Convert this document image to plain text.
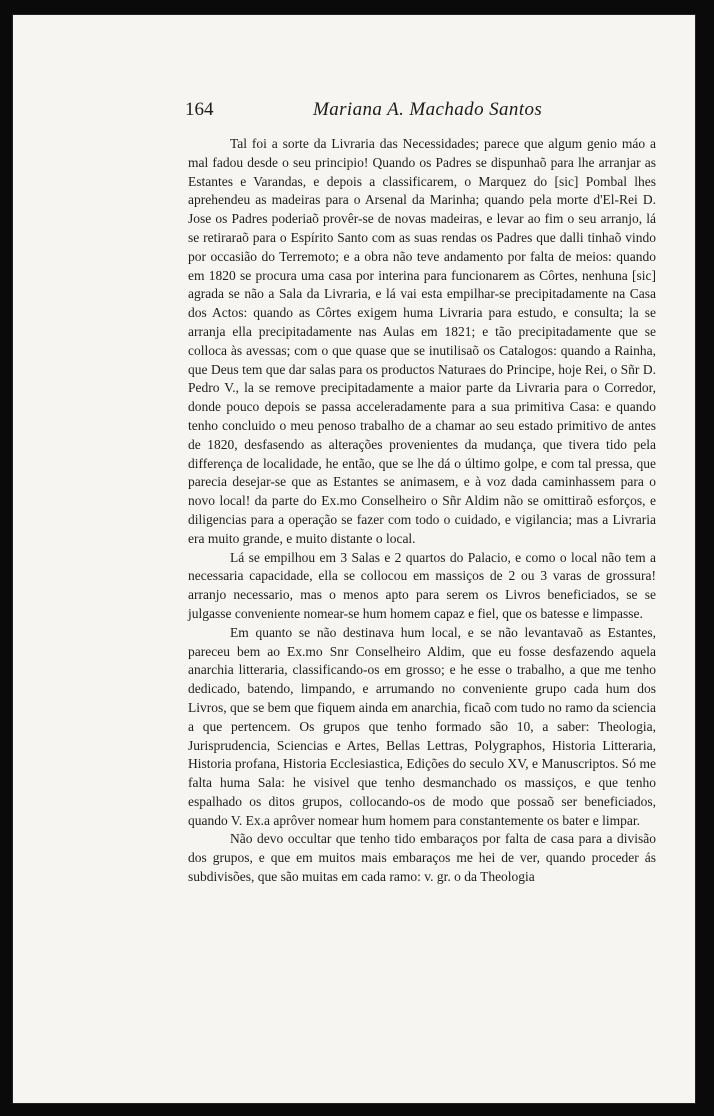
164	Mariana A. Machado Santos

Tal foi a sorte da Livraria das Necessidades; parece que algum genio máo a mal fadou desde o seu principio! Quando os Padres se dispunhaõ para lhe arranjar as Estantes e Varandas, e depois a classificarem, o Marquez do [sic] Pombal lhes aprehendeu as madeiras para o Arsenal da Marinha; quando pela morte d'El-Rei D. Jose os Padres poderiaõ provêr-se de novas madeiras, e levar ao fim o seu arranjo, lá se retiraraõ para o Espírito Santo com as suas rendas os Padres que dalli tinhaõ vindo por occasião do Terremoto; e a obra não teve andamento por falta de meios: quando em 1820 se procura uma casa por interina para funcionarem as Côrtes, nenhuna [sic] agrada se não a Sala da Livraria, e lá vai esta empilhar-se precipitadamente na Casa dos Actos: quando as Côrtes exigem huma Livraria para estudo, e consulta; la se arranja ella precipitadamente nas Aulas em 1821; e tão precipitadamente que se colloca às avessas; com o que quase que se inutilisaõ os Catalogos: quando a Rainha, que Deus tem que dar salas para os productos Naturaes do Principe, hoje Rei, o Sñr D. Pedro V., la se remove precipitadamente a maior parte da Livraria para o Corredor, donde pouco depois se passa acceleradamente para a sua primitiva Casa: e quando tenho concluido o meu penoso trabalho de a chamar ao seu estado primitivo de antes de 1820, desfasendo as alterações provenientes da mudança, que tivera tido pela differença de localidade, he então, que se lhe dá o último golpe, e com tal pressa, que parecia desejar-se que as Estantes se animasem, e à voz dada caminhassem para o novo local! da parte do Ex.mo Conselheiro o Sñr Aldim não se omittiraõ esforços, e diligencias para a operação se fazer com todo o cuidado, e vigilancia; mas a Livraria era muito grande, e muito distante o local.

Lá se empilhou em 3 Salas e 2 quartos do Palacio, e como o local não tem a necessaria capacidade, ella se collocou em massiços de 2 ou 3 varas de grossura! arranjo necessario, mas o menos apto para serem os Livros beneficiados, se se julgasse conveniente nomear-se hum homem capaz e fiel, que os batesse e limpasse.

Em quanto se não destinava hum local, e se não levantavaõ as Estantes, pareceu bem ao Ex.mo Snr Conselheiro Aldim, que eu fosse desfazendo aquela anarchia litteraria, classificando-os em grosso; e he esse o trabalho, a que me tenho dedicado, batendo, limpando, e arrumando no conveniente grupo cada hum dos Livros, que se bem que fiquem ainda em anarchia, ficaõ com tudo no ramo da sciencia a que pertencem. Os grupos que tenho formado são 10, a saber: Theologia, Jurisprudencia, Sciencias e Artes, Bellas Lettras, Polygraphos, Historia Litteraria, Historia profana, Historia Ecclesiastica, Edições do seculo XV, e Manuscriptos. Só me falta huma Sala: he visivel que tenho desmanchado os massiços, e que tenho espalhado os ditos grupos, collocando-os de modo que possaõ ser beneficiados, quando V. Ex.a aprôver nomear hum homem para constantemente os bater e limpar.

Não devo occultar que tenho tido embaraços por falta de casa para a divisão dos grupos, e que em muitos mais embaraços me hei de ver, quando proceder ás subdivisões, que são muitas em cada ramo: v. gr. o da Theologia
